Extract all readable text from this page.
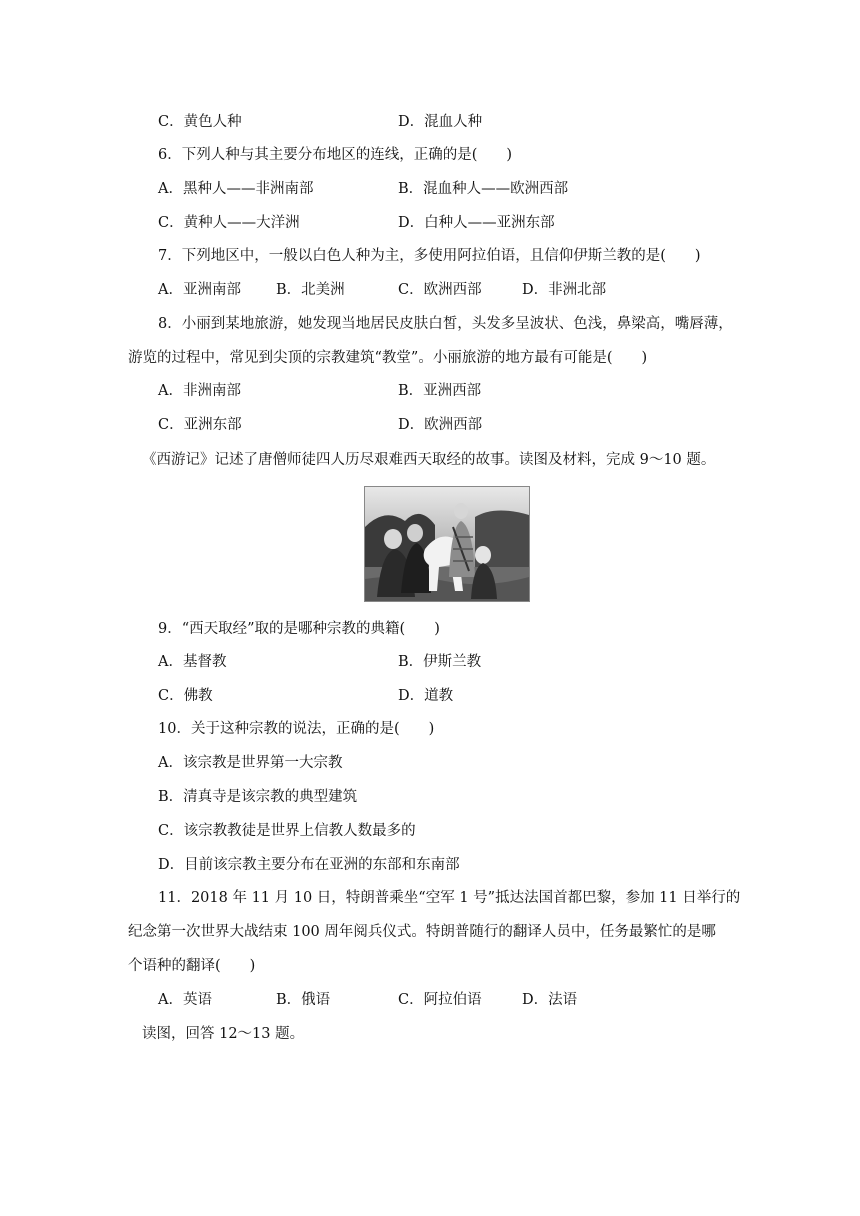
C．黄色人种	D．混血人种
6．下列人种与其主要分布地区的连线，正确的是(　　)
A．黑种人——非洲南部	B．混血种人——欧洲西部
C．黄种人——大洋洲	D．白种人——亚洲东部
7．下列地区中，一般以白色人种为主，多使用阿拉伯语，且信仰伊斯兰教的是(　　)
A．亚洲南部 B．北美洲	C．欧洲西部	D．非洲北部
8．小丽到某地旅游，她发现当地居民皮肤白皙，头发多呈波状、色浅，鼻梁高，嘴唇薄，
游览的过程中，常见到尖顶的宗教建筑“教堂”。小丽旅游的地方最有可能是(　　)
A．非洲南部	B．亚洲西部
C．亚洲东部	D．欧洲西部
《西游记》记述了唐僧师徒四人历尽艰难西天取经的故事。读图及材料，完成 9～10 题。
9．“西天取经”取的是哪种宗教的典籍(　　)
A．基督教	B．伊斯兰教
C．佛教	D．道教
10．关于这种宗教的说法，正确的是(　　)
A．该宗教是世界第一大宗教
B．清真寺是该宗教的典型建筑
C．该宗教教徒是世界上信教人数最多的
D．目前该宗教主要分布在亚洲的东部和东南部
11．2018 年 11 月 10 日，特朗普乘坐“空军 1 号”抵达法国首都巴黎，参加 11 日举行的
纪念第一次世界大战结束 100 周年阅兵仪式。特朗普随行的翻译人员中，任务最繁忙的是哪
个语种的翻译(　　)
A．英语	B．俄语	C．阿拉伯语	D．法语
读图，回答 12～13 题。
